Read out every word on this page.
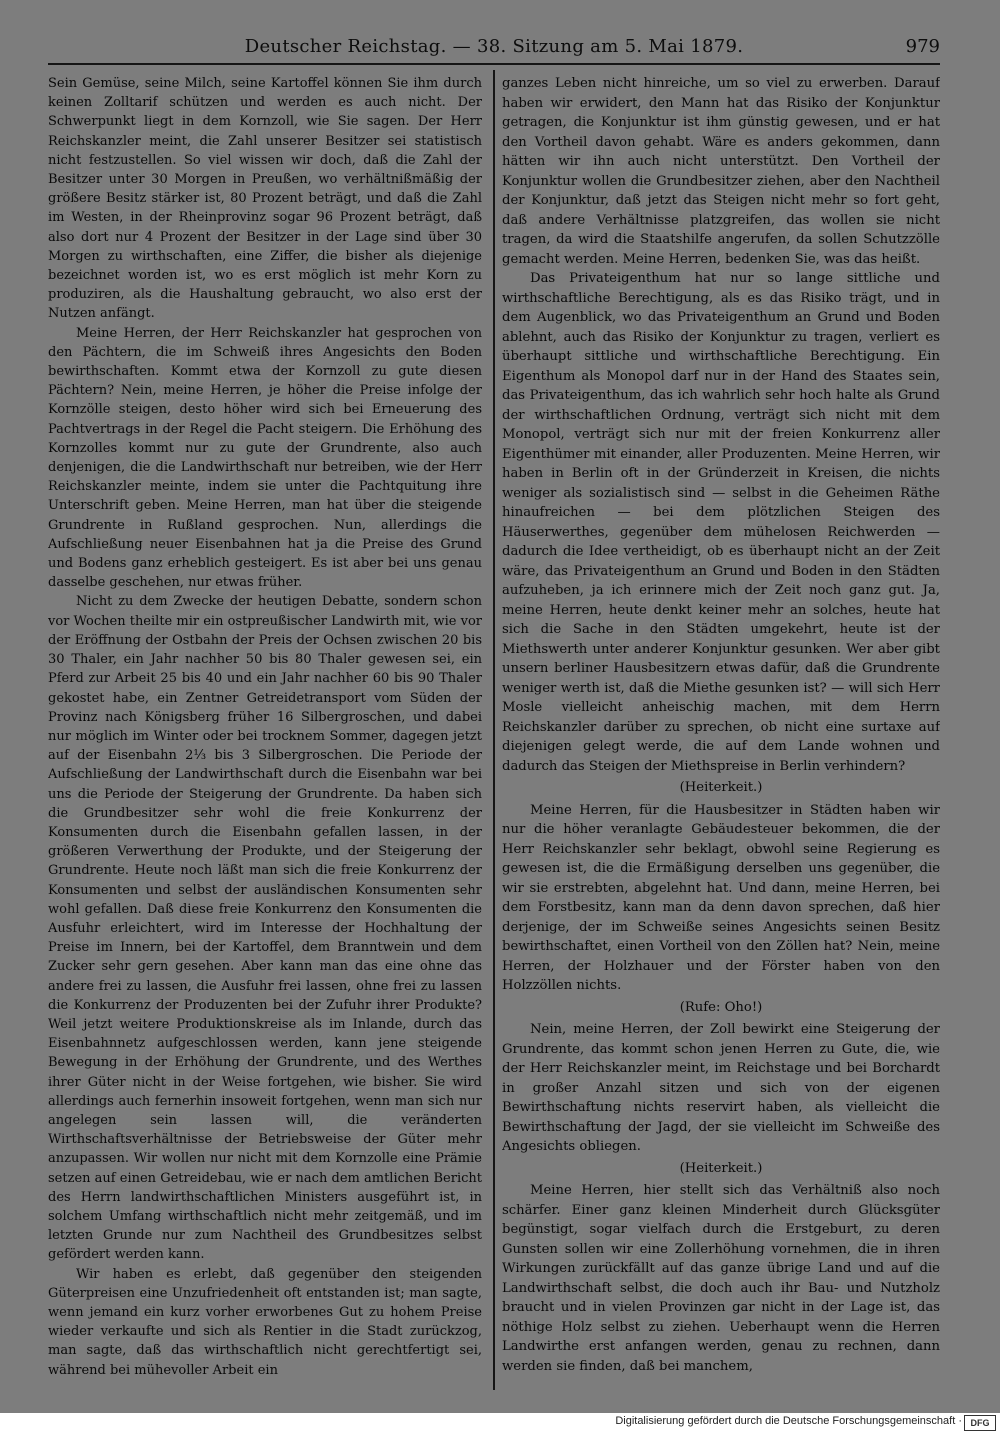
Deutscher Reichstag. — 38. Sitzung am 5. Mai 1879.	979

Sein Gemüse, seine Milch, seine Kartoffel können Sie ihm durch keinen Zolltarif schützen und werden es auch nicht. Der Schwerpunkt liegt in dem Kornzoll, wie Sie sagen. Der Herr Reichskanzler meint, die Zahl unserer Besitzer sei statistisch nicht festzustellen. So viel wissen wir doch, daß die Zahl der Besitzer unter 30 Morgen in Preußen, wo verhältnißmäßig der größere Besitz stärker ist, 80 Prozent beträgt, und daß die Zahl im Westen, in der Rheinprovinz sogar 96 Prozent beträgt, daß also dort nur 4 Prozent der Besitzer in der Lage sind über 30 Morgen zu wirthschaften, eine Ziffer, die bisher als diejenige bezeichnet worden ist, wo es erst möglich ist mehr Korn zu produziren, als die Haushaltung gebraucht, wo also erst der Nutzen anfängt.

Meine Herren, der Herr Reichskanzler hat gesprochen von den Pächtern, die im Schweiß ihres Angesichts den Boden bewirthschaften. Kommt etwa der Kornzoll zu gute diesen Pächtern? Nein, meine Herren, je höher die Preise infolge der Kornzölle steigen, desto höher wird sich bei Erneuerung des Pachtvertrags in der Regel die Pacht steigern. Die Erhöhung des Kornzolles kommt nur zu gute der Grundrente, also auch denjenigen, die die Landwirthschaft nur betreiben, wie der Herr Reichskanzler meinte, indem sie unter die Pachtquitung ihre Unterschrift geben. Meine Herren, man hat über die steigende Grundrente in Rußland gesprochen. Nun, allerdings die Aufschließung neuer Eisenbahnen hat ja die Preise des Grund und Bodens ganz erheblich gesteigert. Es ist aber bei uns genau dasselbe geschehen, nur etwas früher.

Nicht zu dem Zwecke der heutigen Debatte, sondern schon vor Wochen theilte mir ein ostpreußischer Landwirth mit, wie vor der Eröffnung der Ostbahn der Preis der Ochsen zwischen 20 bis 30 Thaler, ein Jahr nachher 50 bis 80 Thaler gewesen sei, ein Pferd zur Arbeit 25 bis 40 und ein Jahr nachher 60 bis 90 Thaler gekostet habe, ein Zentner Getreidetransport vom Süden der Provinz nach Königsberg früher 16 Silbergroschen, und dabei nur möglich im Winter oder bei trocknem Sommer, dagegen jetzt auf der Eisenbahn 2⅓ bis 3 Silbergroschen. Die Periode der Aufschließung der Landwirthschaft durch die Eisenbahn war bei uns die Periode der Steigerung der Grundrente. Da haben sich die Grundbesitzer sehr wohl die freie Konkurrenz der Konsumenten durch die Eisenbahn gefallen lassen, in der größeren Verwerthung der Produkte, und der Steigerung der Grundrente. Heute noch läßt man sich die freie Konkurrenz der Konsumenten und selbst der ausländischen Konsumenten sehr wohl gefallen. Daß diese freie Konkurrenz den Konsumenten die Ausfuhr erleichtert, wird im Interesse der Hochhaltung der Preise im Innern, bei der Kartoffel, dem Branntwein und dem Zucker sehr gern gesehen. Aber kann man das eine ohne das andere frei zu lassen, die Ausfuhr frei lassen, ohne frei zu lassen die Konkurrenz der Produzenten bei der Zufuhr ihrer Produkte? Weil jetzt weitere Produktionskreise als im Inlande, durch das Eisenbahnnetz aufgeschlossen werden, kann jene steigende Bewegung in der Erhöhung der Grundrente, und des Werthes ihrer Güter nicht in der Weise fortgehen, wie bisher. Sie wird allerdings auch fernerhin insoweit fortgehen, wenn man sich nur angelegen sein lassen will, die veränderten Wirthschaftsverhältnisse der Betriebsweise der Güter mehr anzupassen. Wir wollen nur nicht mit dem Kornzolle eine Prämie setzen auf einen Getreidebau, wie er nach dem amtlichen Bericht des Herrn landwirthschaftlichen Ministers ausgeführt ist, in solchem Umfang wirthschaftlich nicht mehr zeitgemäß, und im letzten Grunde nur zum Nachtheil des Grundbesitzes selbst gefördert werden kann.

Wir haben es erlebt, daß gegenüber den steigenden Güterpreisen eine Unzufriedenheit oft entstanden ist; man sagte, wenn jemand ein kurz vorher erworbenes Gut zu hohem Preise wieder verkaufte und sich als Rentier in die Stadt zurückzog, man sagte, daß das wirthschaftlich nicht gerechtfertigt sei, während bei mühevoller Arbeit ein

ganzes Leben nicht hinreiche, um so viel zu erwerben. Darauf haben wir erwidert, den Mann hat das Risiko der Konjunktur getragen, die Konjunktur ist ihm günstig gewesen, und er hat den Vortheil davon gehabt. Wäre es anders gekommen, dann hätten wir ihn auch nicht unterstützt. Den Vortheil der Konjunktur wollen die Grundbesitzer ziehen, aber den Nachtheil der Konjunktur, daß jetzt das Steigen nicht mehr so fort geht, daß andere Verhältnisse platzgreifen, das wollen sie nicht tragen, da wird die Staatshilfe angerufen, da sollen Schutzzölle gemacht werden. Meine Herren, bedenken Sie, was das heißt.

Das Privateigenthum hat nur so lange sittliche und wirthschaftliche Berechtigung, als es das Risiko trägt, und in dem Augenblick, wo das Privateigenthum an Grund und Boden ablehnt, auch das Risiko der Konjunktur zu tragen, verliert es überhaupt sittliche und wirthschaftliche Berechtigung. Ein Eigenthum als Monopol darf nur in der Hand des Staates sein, das Privateigenthum, das ich wahrlich sehr hoch halte als Grund der wirthschaftlichen Ordnung, verträgt sich nicht mit dem Monopol, verträgt sich nur mit der freien Konkurrenz aller Eigenthümer mit einander, aller Produzenten. Meine Herren, wir haben in Berlin oft in der Gründerzeit in Kreisen, die nichts weniger als sozialistisch sind — selbst in die Geheimen Räthe hinaufreichen — bei dem plötzlichen Steigen des Häuserwerthes, gegenüber dem mühelosen Reichwerden — dadurch die Idee vertheidigt, ob es überhaupt nicht an der Zeit wäre, das Privateigenthum an Grund und Boden in den Städten aufzuheben, ja ich erinnere mich der Zeit noch ganz gut. Ja, meine Herren, heute denkt keiner mehr an solches, heute hat sich die Sache in den Städten umgekehrt, heute ist der Miethswerth unter anderer Konjunktur gesunken. Wer aber gibt unsern berliner Hausbesitzern etwas dafür, daß die Grundrente weniger werth ist, daß die Miethe gesunken ist? — will sich Herr Mosle vielleicht anheischig machen, mit dem Herrn Reichskanzler darüber zu sprechen, ob nicht eine surtaxe auf diejenigen gelegt werde, die auf dem Lande wohnen und dadurch das Steigen der Miethspreise in Berlin verhindern?

(Heiterkeit.)

Meine Herren, für die Hausbesitzer in Städten haben wir nur die höher veranlagte Gebäudesteuer bekommen, die der Herr Reichskanzler sehr beklagt, obwohl seine Regierung es gewesen ist, die die Ermäßigung derselben uns gegenüber, die wir sie erstrebten, abgelehnt hat. Und dann, meine Herren, bei dem Forstbesitz, kann man da denn davon sprechen, daß hier derjenige, der im Schweiße seines Angesichts seinen Besitz bewirthschaftet, einen Vortheil von den Zöllen hat? Nein, meine Herren, der Holzhauer und der Förster haben von den Holzzöllen nichts.

(Rufe: Oho!)

Nein, meine Herren, der Zoll bewirkt eine Steigerung der Grundrente, das kommt schon jenen Herren zu Gute, die, wie der Herr Reichskanzler meint, im Reichstage und bei Borchardt in großer Anzahl sitzen und sich von der eigenen Bewirthschaftung nichts reservirt haben, als vielleicht die Bewirthschaftung der Jagd, der sie vielleicht im Schweiße des Angesichts obliegen.

(Heiterkeit.)

Meine Herren, hier stellt sich das Verhältniß also noch schärfer. Einer ganz kleinen Minderheit durch Glücksgüter begünstigt, sogar vielfach durch die Erstgeburt, zu deren Gunsten sollen wir eine Zollerhöhung vornehmen, die in ihren Wirkungen zurückfällt auf das ganze übrige Land und auf die Landwirthschaft selbst, die doch auch ihr Bau- und Nutzholz braucht und in vielen Provinzen gar nicht in der Lage ist, das nöthige Holz selbst zu ziehen. Ueberhaupt wenn die Herren Landwirthe erst anfangen werden, genau zu rechnen, dann werden sie finden, daß bei manchem,

Digitalisierung gefördert durch die Deutsche Forschungsgemeinschaft · DFG
